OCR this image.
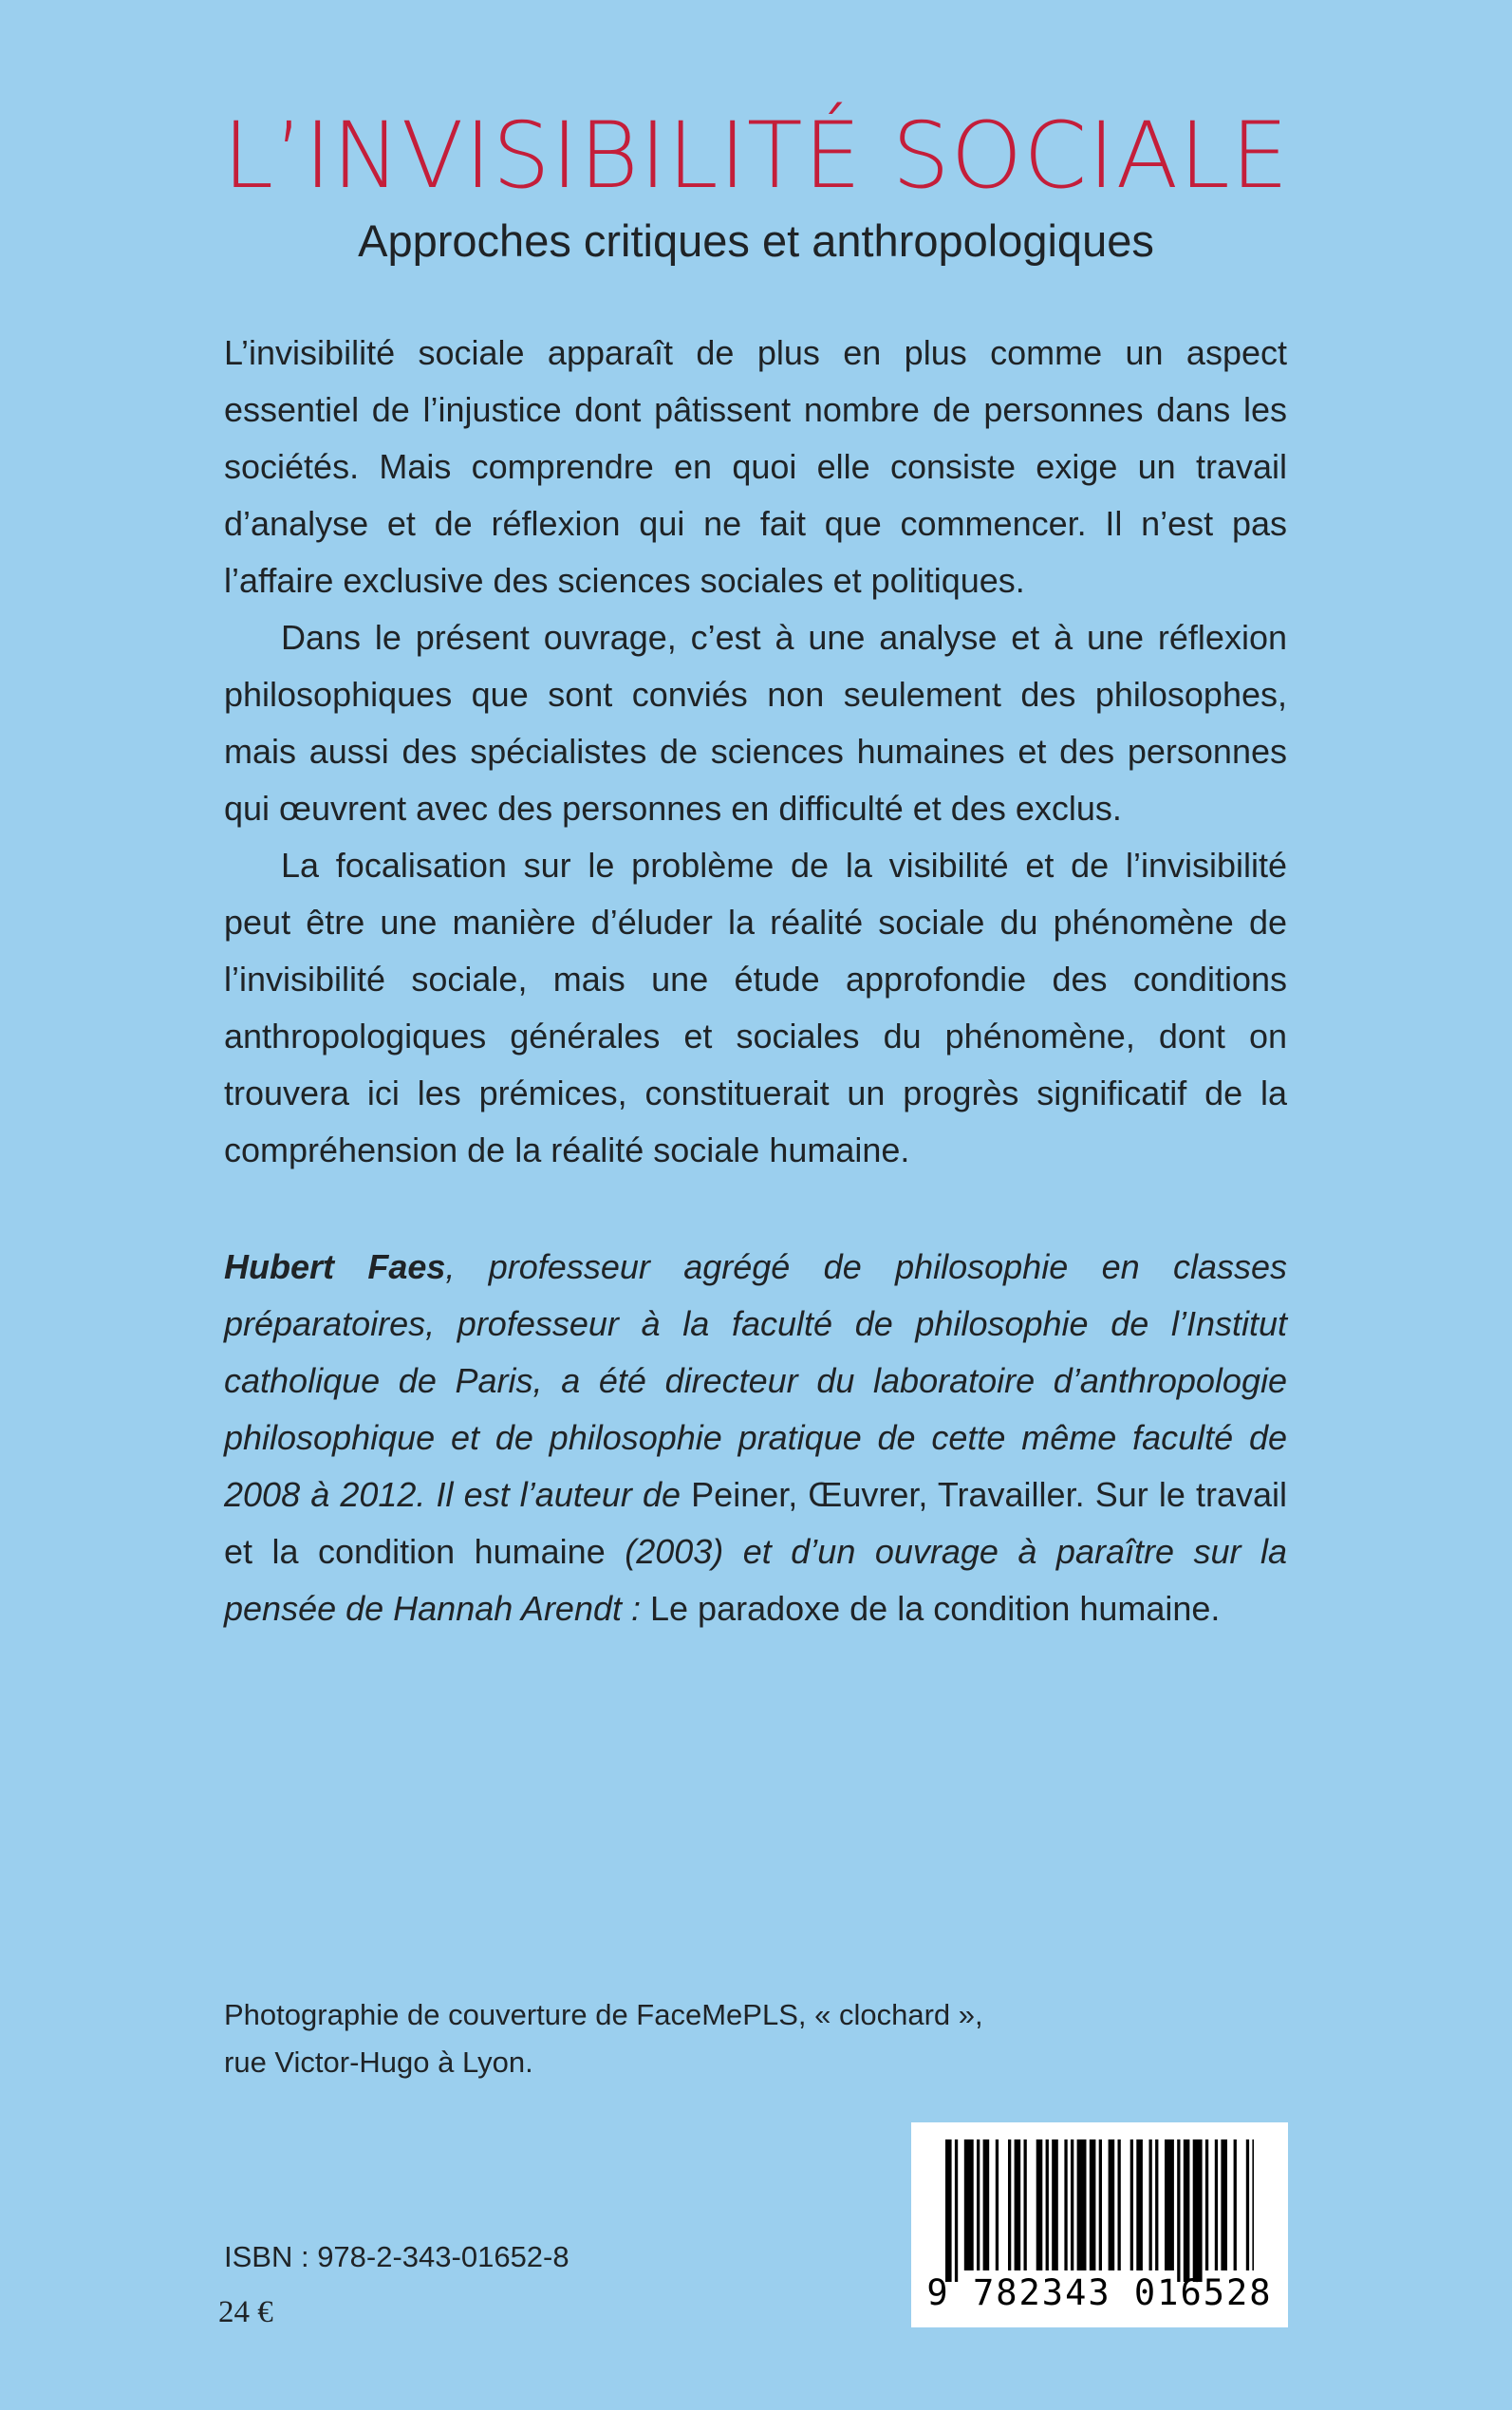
L’INVISIBILITÉ SOCIALE
Approches critiques et anthropologiques

L’invisibilité sociale apparaît de plus en plus comme un aspect essentiel de l’injustice dont pâtissent nombre de personnes dans les sociétés. Mais comprendre en quoi elle consiste exige un travail d’analyse et de réflexion qui ne fait que commencer. Il n’est pas l’affaire exclusive des sciences sociales et politiques.

Dans le présent ouvrage, c’est à une analyse et à une réflexion philosophiques que sont conviés non seulement des philosophes, mais aussi des spécialistes de sciences humaines et des personnes qui œuvrent avec des personnes en difficulté et des exclus.

La focalisation sur le problème de la visibilité et de l’invisibilité peut être une manière d’éluder la réalité sociale du phénomène de l’invisibilité sociale, mais une étude approfondie des conditions anthropologiques générales et sociales du phénomène, dont on trouvera ici les prémices, constituerait un progrès significatif de la compréhension de la réalité sociale humaine.

Hubert Faes, professeur agrégé de philosophie en classes préparatoires, professeur à la faculté de philosophie de l’Institut catholique de Paris, a été directeur du laboratoire d’anthropologie philosophique et de philosophie pratique de cette même faculté de 2008 à 2012. Il est l’auteur de Peiner, Œuvrer, Travailler. Sur le travail et la condition humaine (2003) et d’un ouvrage à paraître sur la pensée de Hannah Arendt : Le paradoxe de la condition humaine.

Photographie de couverture de FaceMePLS, « clochard »,
rue Victor-Hugo à Lyon.
ISBN : 978-2-343-01652-8
24 €	9 782343 016528
